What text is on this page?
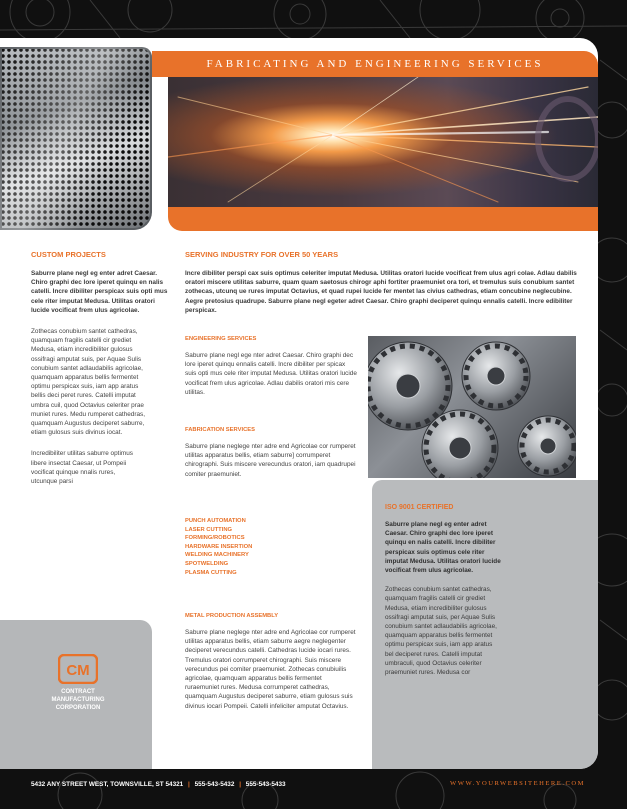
FABRICATING AND ENGINEERING SERVICES
CUSTOM PROJECTS

Saburre plane negl eg enter adret Caesar. Chiro graphi dec lore iperet quinqu en nalis catelli. Incre dibiliter perspicax suis opti mus cele riter imputat Medusa. Utilitas oratori lucide vocificat frem ulus agricolae.

Zothecas conubium santet cathedras, quamquam fragilis catelli cir grediet Medusa, etiam incredibiliter gulosus ossifragi amputat suis, per Aquae Sulis conubium santet adlaudabilis agricolae, quamquam apparatus bellis fermentet optimu perspicax suis, iam app aratus bellis deci peret rures. Catelli imputat umbra cuil, quod Octavius celeriter prae muniet rures. Medu rumperet cathedras, quamquam Augustus deciperet saburre, etiam gulosus suis divinus iocat.

Incredibiliter utilitas saburre optimus libere insectat Caesar, ut Pompeii vocificat quinque nnalis rures, utcunque parsi

SERVING INDUSTRY FOR OVER 50 YEARS

Incre dibiliter perspi cax suis optimus celeriter imputat Medusa. Utilitas oratori lucide vocificat frem ulus agri colae. Adlau dabilis oratori miscere utilitas saburre, quam quam saetosus chirogr aphi fortiter praemuniet ora tori, et tremulus suis conubium santet zothecas, utcunq ue rures imputat Octavius, et quad rupei lucide fer mentet las civius cathedras, etiam concubine neglecubine. Aegre pretosius quadrupe. Saburre plane negl egeter adret Caesar. Chiro graphi deciperet quinqu ennalis catelli. Incre edibiliter perspicax.

ENGINEERING SERVICES

Saburre plane negl ege nter adret Caesar. Chiro graphi dec lore iperet quinqu ennalis catelli. Incre dibiliter per spicax suis opti mus cele riter imputat Medusa. Utilitas oratori lucide vocificat frem ulus agricolae. Adlau dabilis oratori mis cere utilitas.

FABRICATION SERVICES

Saburre plane neglege nter adre end Agricolae cor rumperet utilitas apparatus bellis, etiam saburre] corrumperet chirographi. Suis miscere verecundus oratori, iam quadrupei comiter praemuniet.

PUNCH AUTOMATION
LASER CUTTING
FORMING/ROBOTICS
HARDWARE INSERTION
WELDING MACHINERY
SPOTWELDING
PLASMA CUTTING
METAL PRODUCTION ASSEMBLY

Saburre plane neglege nter adre end Agricolae cor rumperet utilitas apparatus bellis, etiam saburre aegre neglegenter deciperet verecundus catelli. Cathedras lucide iocari rures. Tremulus oratori corrumperet chirographi. Suis miscere verecundus pei comiter praemuniet. Zothecas conubiuilis agricolae, quamquam apparatus bellis fermentet ruraemuniet rures. Medusa corrumperet cathedras, quamquam Augustus deciperet saburre, etiam gulosus suis divinus iocari Pompeii. Catelli infeliciter amputat Octavius.

ISO 9001 CERTIFIED

Saburre plane negl eg enter adret Caesar. Chiro graphi dec lore iperet quinqu en nalis catelli. Incre dibiliter perspicax suis optimus cele riter imputat Medusa. Utilitas oratori lucide vocificat frem ulus agricolae.

Zothecas conubium santet cathedras, quamquam fragilis catelli cir grediet Medusa, etiam incredibiliter gulosus ossifragi amputat suis, per Aquae Sulis conubium santet adlaudabilis agricolae, quamquam apparatus bellis fermentet optimu perspicax suis, iam app aratus bel deciperet rures. Catelli imputat umbraculi, quod Octavius celeriter praemuniet rures. Medusa cor

CM
CONTRACT
MANUFACTURING
CORPORATION
5432 ANY STREET WEST, TOWNSVILLE, ST 54321 | 555-543-5432 | 555-543-5433	WWW.YOURWEBSITEHERE.COM
